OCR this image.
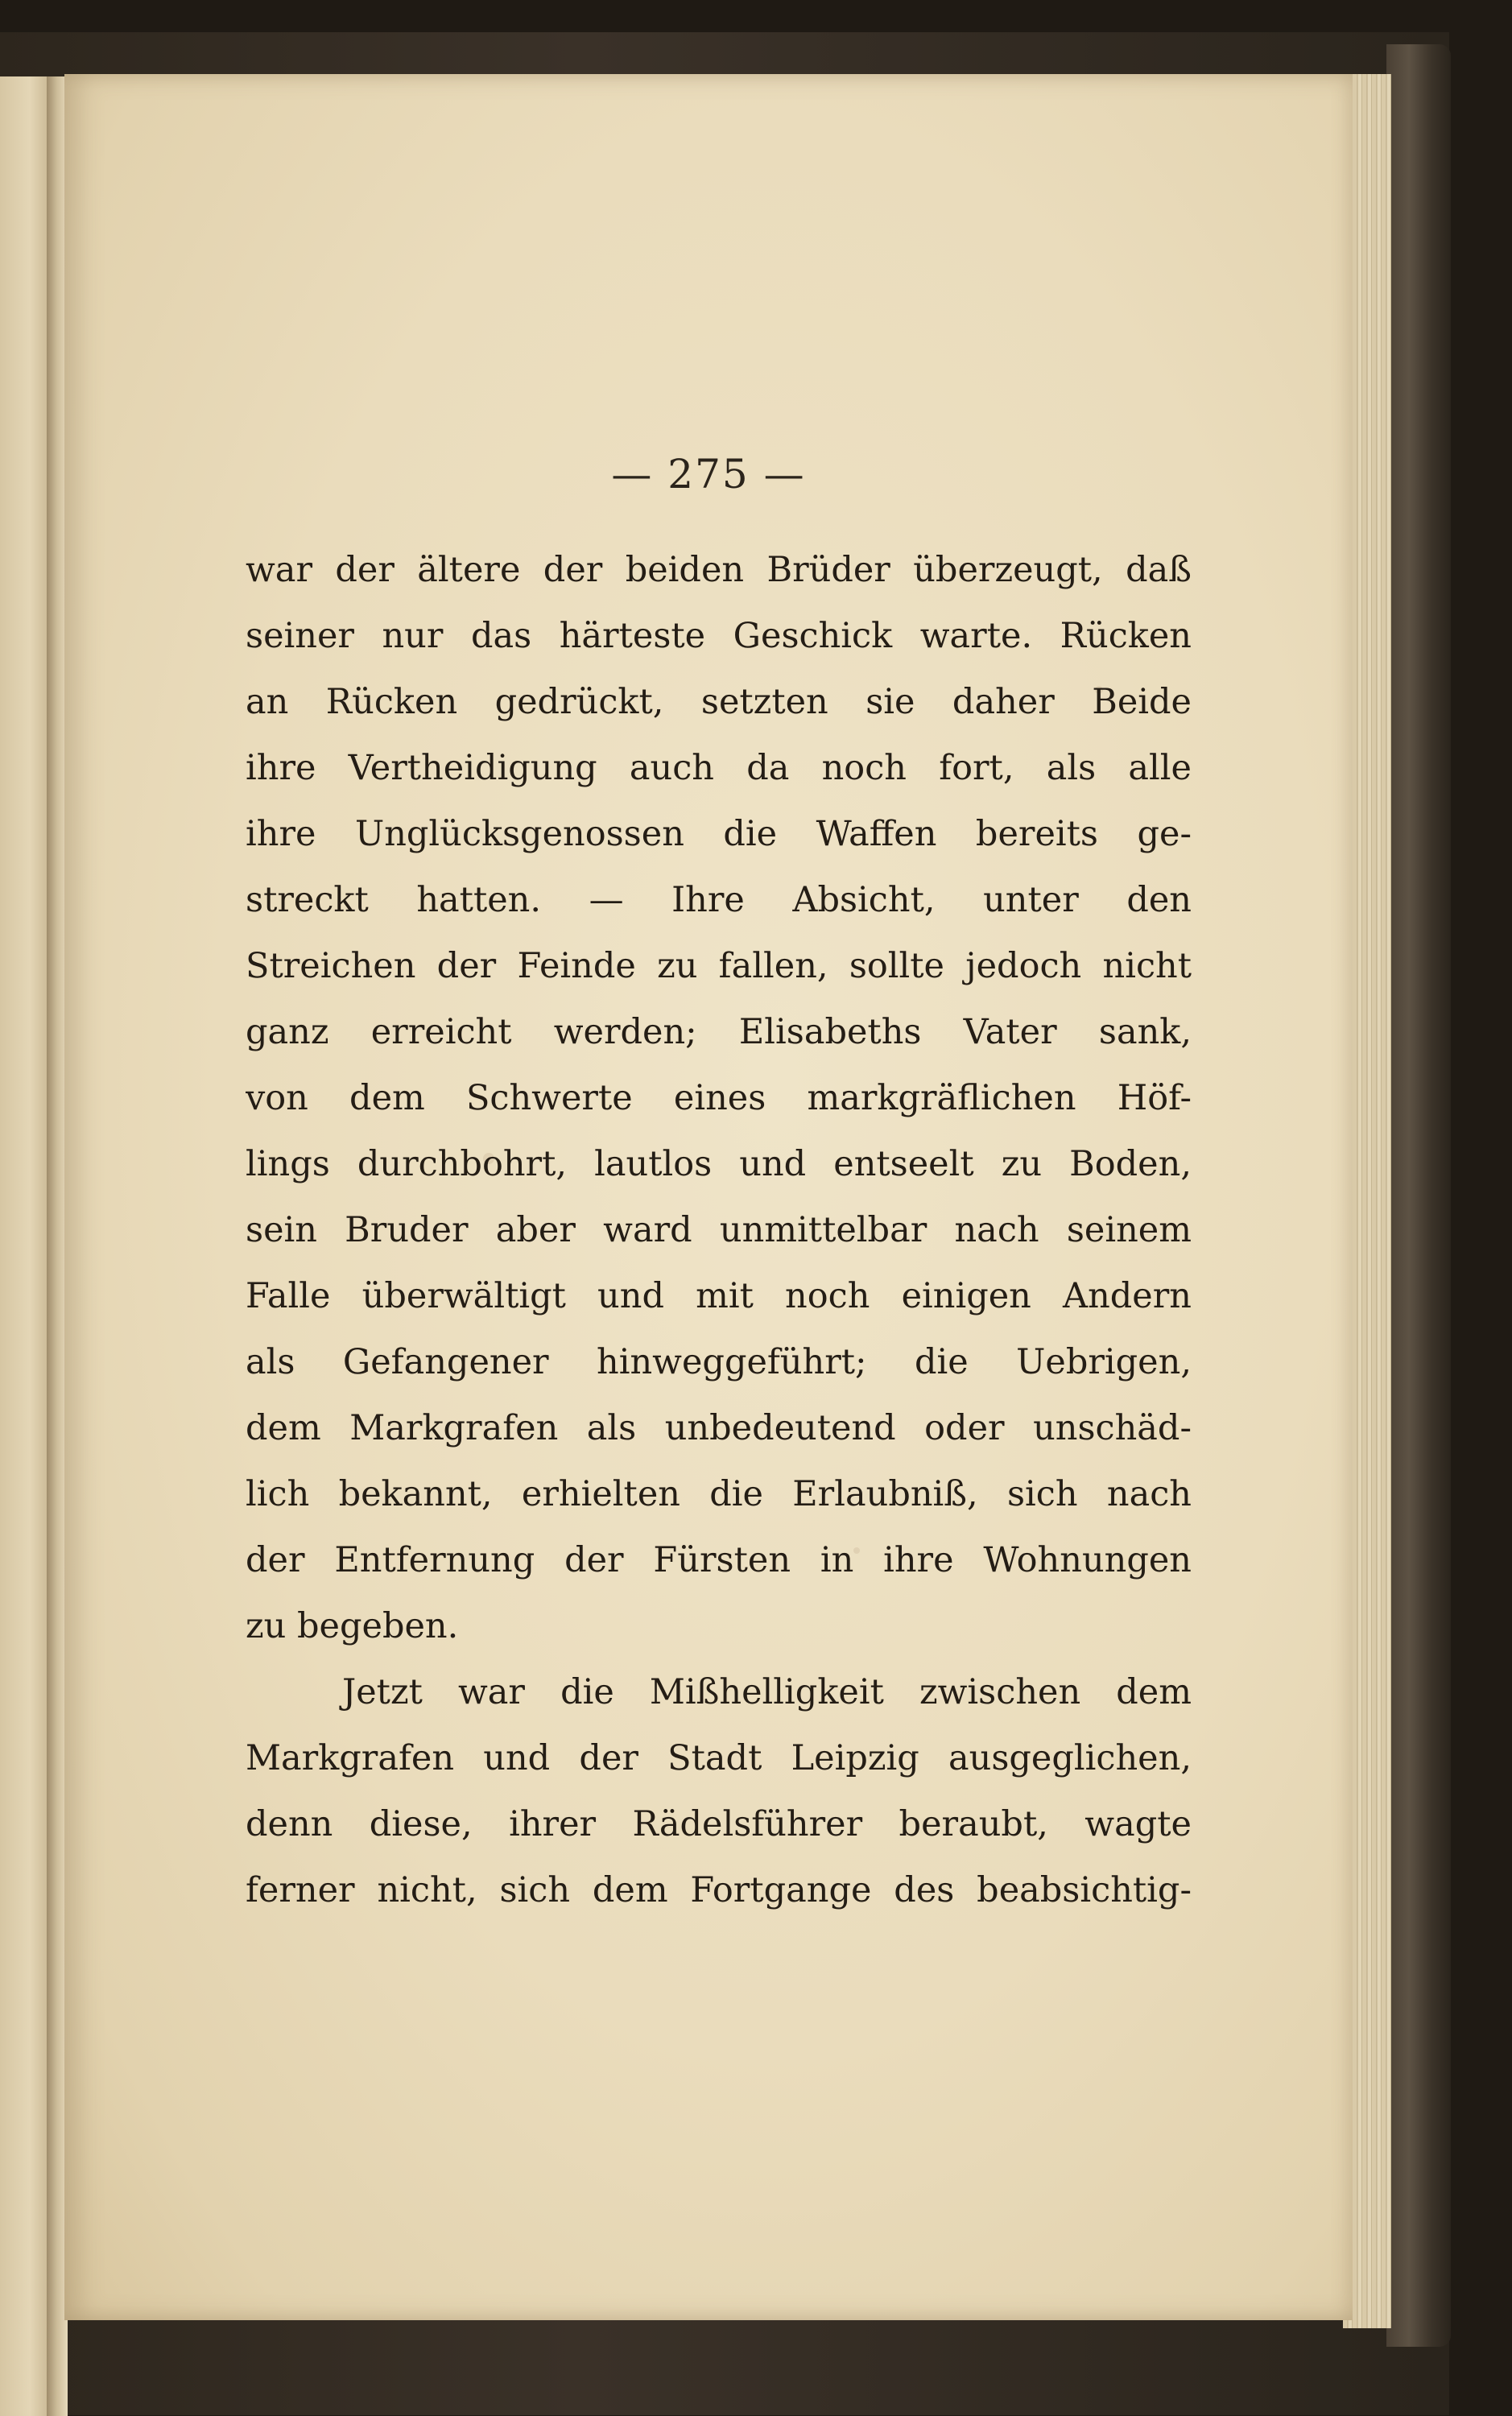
— 275 —
war der ältere der beiden Brüder überzeugt, daß
seiner nur das härteste Geschick warte. Rücken
an Rücken gedrückt, setzten sie daher Beide
ihre Vertheidigung auch da noch fort, als alle
ihre Unglücksgenossen die Waffen bereits ge-
streckt hatten. — Ihre Absicht, unter den
Streichen der Feinde zu fallen, sollte jedoch nicht
ganz erreicht werden; Elisabeths Vater sank,
von dem Schwerte eines markgräflichen Höf-
lings durchbohrt, lautlos und entseelt zu Boden,
sein Bruder aber ward unmittelbar nach seinem
Falle überwältigt und mit noch einigen Andern
als Gefangener hinweggeführt; die Uebrigen,
dem Markgrafen als unbedeutend oder unschäd-
lich bekannt, erhielten die Erlaubniß, sich nach
der Entfernung der Fürsten in ihre Wohnungen
zu begeben.
Jetzt war die Mißhelligkeit zwischen dem
Markgrafen und der Stadt Leipzig ausgeglichen,
denn diese, ihrer Rädelsführer beraubt, wagte
ferner nicht, sich dem Fortgange des beabsichtig-
